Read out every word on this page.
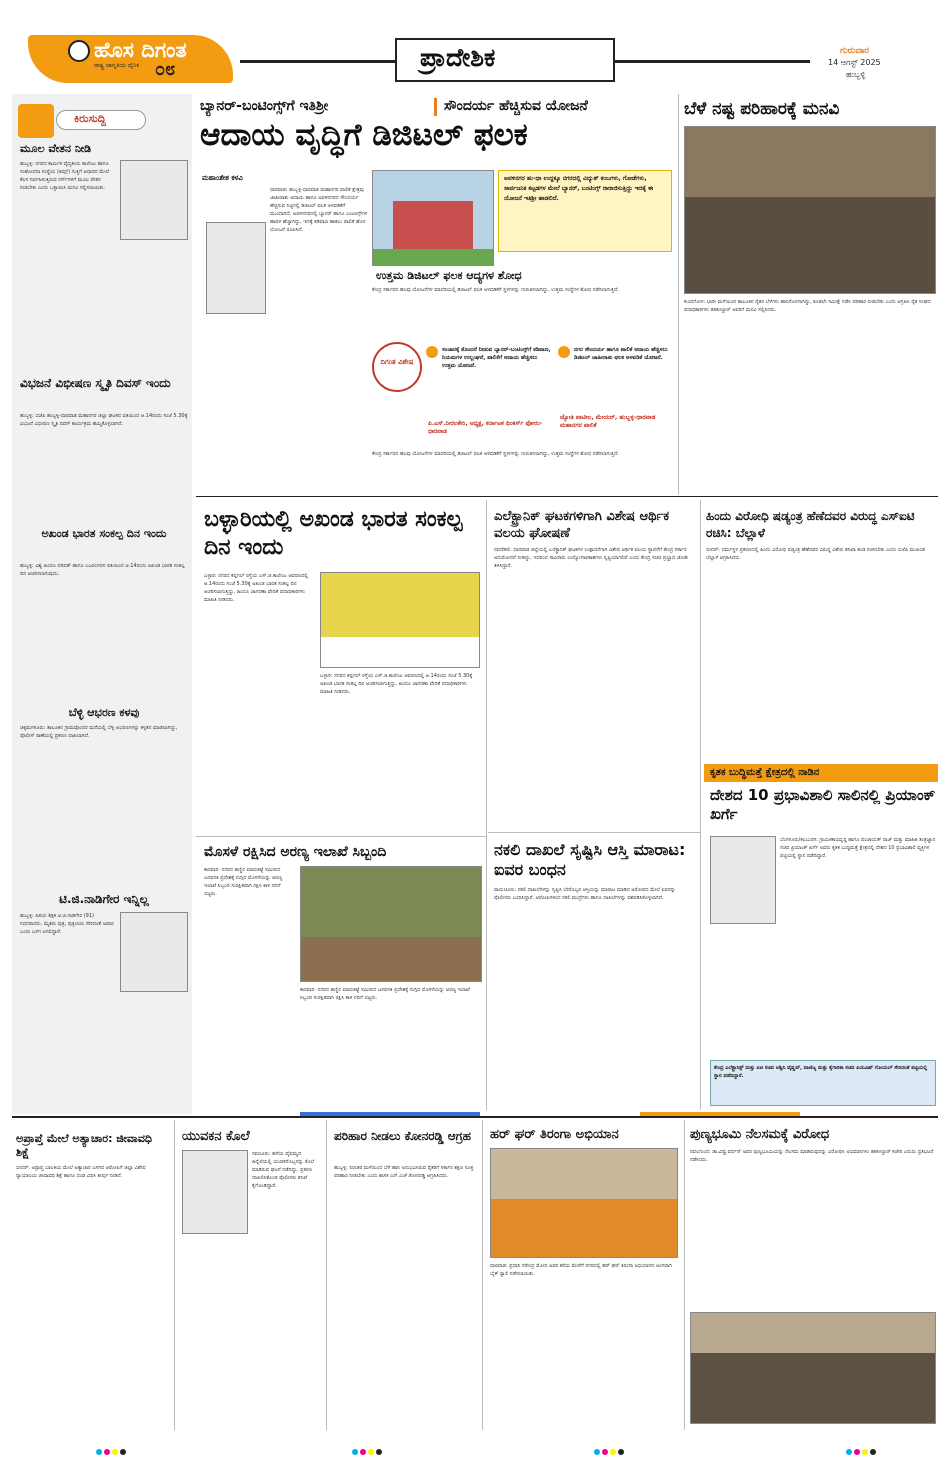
ಹೊಸ ದಿಗಂತ
ರಾಷ್ಟ್ರ ಜಾಗೃತಿಯ ದೈನಿಕ ೦೮	ಪ್ರಾದೇಶಿಕ	ಗುರುವಾರ
14 ಆಗಸ್ಟ್ 2025
ಹುಬ್ಬಳ್ಳಿ
ಕಿರುಸುದ್ದಿ
ಮೂಲ ವೇತನ ನೀಡಿ
ಹುಬ್ಬಳ್ಳಿ: ನಗರದ ಕಾರ್ಮಿಕ ವೈದ್ಯಕೀಯ ಕಾಲೇಜು ಹಾಗೂ ಸಂಶೋಧನಾ ಸಂಸ್ಥೆಯ (ಕಿಮ್ಸ್) ಗುತ್ತಿಗೆ ಆಧಾರದ ಮೇಲೆ ಕೆಲಸ ನಿರ್ವಹಿಸುತ್ತಿರುವ ನರ್ಸ್‌ಗಳಿಗೆ ಮೂಲ ವೇತನ ನೀಡಬೇಕು ಎಂದು ಒತ್ತಾಯಿಸಿ ಮನವಿ ಸಲ್ಲಿಸಲಾಯಿತು.
ವಿಭಜನೆ ವಿಭೀಷಣ ಸ್ಮೃತಿ ದಿವಸ್ ಇಂದು
ಹುಬ್ಬಳ್ಳಿ: ಬಿಜೆಪಿ ಹುಬ್ಬಳ್ಳಿ-ಧಾರವಾಡ ಮಹಾನಗರ ಜಿಲ್ಲಾ ಘಟಕದ ವತಿಯಿಂದ ಆ.14ರಂದು ಸಂಜೆ 5.30ಕ್ಕೆ ವಿಭಜನೆ ವಿಭೀಷಣ ಸ್ಮೃತಿ ದಿವಸ್ ಕಾರ್ಯಕ್ರಮ ಹಮ್ಮಿಕೊಳ್ಳಲಾಗಿದೆ.
ಅಖಂಡ ಭಾರತ ಸಂಕಲ್ಪ ದಿನ ಇಂದು
ಹುಬ್ಬಳ್ಳಿ: ವಿಶ್ವ ಹಿಂದೂ ಪರಿಷತ್ ಹಾಗೂ ಬಜರಂಗದಳ ವತಿಯಿಂದ ಆ.14ರಂದು ಅಖಂಡ ಭಾರತ ಸಂಕಲ್ಪ ದಿನ ಆಚರಿಸಲಾಗುವುದು.
ಬೆಳ್ಳಿ ಆಭರಣ ಕಳವು
ಚಿಕ್ಕಮಗಳೂರು: ತಾಲೂಕಿನ ಗ್ರಾಮವೊಂದರ ಮನೆಯಲ್ಲಿ ಬೆಳ್ಳಿ ಆಭರಣಗಳನ್ನು ಕಳ್ಳತನ ಮಾಡಲಾಗಿದ್ದು, ಪೊಲೀಸ್ ಠಾಣೆಯಲ್ಲಿ ಪ್ರಕರಣ ದಾಖಲಾಗಿದೆ.
ಟಿ.ಜಿ.ನಾಡಿಗೇರ ಇನ್ನಿಲ್ಲ
ಹುಬ್ಬಳ್ಳಿ: ಹಿರಿಯ ಶಿಕ್ಷಕ ಟಿ.ಜಿ.ನಾಡಿಗೇರ (91) ನಿಧನರಾದರು. ಮೃತರು ಪುತ್ರ, ಪುತ್ರಿಯರು ಸೇರಿದಂತೆ ಅಪಾರ ಬಂಧು ಬಳಗ ಅಗಲಿದ್ದಾರೆ.
ಬ್ಯಾನರ್-ಬಂಟಿಂಗ್ಸ್‌ಗೆ ಇತಿಶ್ರೀ	ಸೌಂದರ್ಯ ಹೆಚ್ಚಿಸುವ ಯೋಜನೆ
ಆದಾಯ ವೃದ್ಧಿಗೆ ಡಿಜಿಟಲ್ ಫಲಕ
ಮಹಾಂತೇಶ ಕಳವಿ
ಧಾರವಾಡ: ಹುಬ್ಬಳ್ಳಿ-ಧಾರವಾಡ ಮಹಾನಗರ ಪಾಲಿಕೆ ಕ್ಷೇತ್ರವು ಜಾಹೀರಾತು ಆದಾಯ ಹಾಗೂ ಅವಳಿನಗರದ ಸೌಂದರ್ಯ ಹೆಚ್ಚಿಸುವ ನಿಟ್ಟಿನಲ್ಲಿ ಡಿಜಿಟಲ್ ಫಲಕ ಅಳವಡಿಕೆಗೆ ಮುಂದಾಗಿದೆ. ಅವಳಿನಗರದಲ್ಲಿ ಬ್ಯಾನರ್ ಹಾಗೂ ಬಂಟಿಂಗ್ಸ್‌ಗಳ ಹಾವಳಿ ಹೆಚ್ಚಾಗಿದ್ದು, ಇದಕ್ಕೆ ಕಡಿವಾಣ ಹಾಕಲು ಪಾಲಿಕೆ ಹೊಸ ಯೋಜನೆ ರೂಪಿಸಿದೆ.
ಅವಳಿನಗರ ಹು-ಧಾ ಉದ್ದಕ್ಕೂ ನಗರದಲ್ಲಿ ವಿದ್ಯುತ್ ಕಂಬಗಳು, ಗೋಡೆಗಳು, ಸಾರ್ವಜನಿಕ ಕಟ್ಟಡಗಳ ಮೇಲೆ ಬ್ಯಾನರ್, ಬಂಟಿಂಗ್ಸ್ ರಾರಾಜಿಸುತ್ತಿದ್ದು ಇದಕ್ಕೆ ಈ ಯೋಜನೆ ಇತಿಶ್ರೀ ಹಾಡಲಿದೆ.
ಉತ್ತಮ ಡಿಜಿಟಲ್ ಫಲಕ ಆದ್ಯಗಳ ಶೋಧ
ಕೇಂದ್ರ ಸರ್ಕಾರದ ಹಲವು ಯೋಜನೆಗಳ ಮಾದರಿಯಲ್ಲಿ ಡಿಜಿಟಲ್ ಫಲಕ ಅಳವಡಿಕೆಗೆ ಸ್ಥಳಗಳನ್ನು ಗುರುತಿಸಲಾಗಿದ್ದು, ಉತ್ತಮ ಸಂಸ್ಥೆಗಳ ಶೋಧ ನಡೆಸಲಾಗುತ್ತಿದೆ.
ದಿಗಂತ ವಿಶೇಷ
ಸಂಚಾರಕ್ಕೆ ತೊಂದರೆ ನೀಡುವ ಬ್ಯಾನರ್-ಬಂಟಿಂಗ್ಸ್‌ಗೆ ಕಡಿವಾಣ, ನಿಯಮಗಳ ಉಲ್ಲಂಘನೆ, ಪಾಲಿಕೆಗೆ ಆದಾಯ ಹೆಚ್ಚಿಸಲು ಉತ್ತಮ ಯೋಜನೆ.
ಪಿ.ಎಸ್.ನೀರಲಕೇರಿ, ಅಧ್ಯಕ್ಷ, ಕರ್ನಾಟಕ ಥಿಂಕರ್ಸ್ ಫೋರಂ-ಧಾರವಾಡ
ನಗರ ಸೌಂದರ್ಯ ಹಾಗೂ ಪಾಲಿಕೆ ಆದಾಯ ಹೆಚ್ಚಿಸಲು ಡಿಜಿಟಲ್ ಜಾಹೀರಾತು ಫಲಕ ಅಳವಡಿಕೆ ಯೋಜನೆ.
ಜ್ಯೋತಿ ಪಾಟೀಲ, ಮೇಯರ್, ಹುಬ್ಬಳ್ಳಿ-ಧಾರವಾಡ ಮಹಾನಗರ ಪಾಲಿಕೆ
ಕೇಂದ್ರ ಸರ್ಕಾರದ ಹಲವು ಯೋಜನೆಗಳ ಮಾದರಿಯಲ್ಲಿ ಡಿಜಿಟಲ್ ಫಲಕ ಅಳವಡಿಕೆಗೆ ಸ್ಥಳಗಳನ್ನು ಗುರುತಿಸಲಾಗಿದ್ದು, ಉತ್ತಮ ಸಂಸ್ಥೆಗಳ ಶೋಧ ನಡೆಸಲಾಗುತ್ತಿದೆ.
ಬೆಳೆ ನಷ್ಟ ಪರಿಹಾರಕ್ಕೆ ಮನವಿ
ಕುಂದಗೋಳ: ಭಾರೀ ಮಳೆಯಿಂದ ತಾಲೂಕಿನ ರೈತರ ಬೆಳೆಗಳು ಹಾನಿಗೊಳಗಾಗಿದ್ದು, ಕೂಡಲೇ ಸಮೀಕ್ಷೆ ನಡೆಸಿ ಪರಿಹಾರ ನೀಡಬೇಕು ಎಂದು ಆಗ್ರಹಿಸಿ ರೈತ ಸಂಘದ ಪದಾಧಿಕಾರಿಗಳು ತಹಸೀಲ್ದಾರ್ ಅವರಿಗೆ ಮನವಿ ಸಲ್ಲಿಸಿದರು.
ಬಳ್ಳಾರಿಯಲ್ಲಿ ಅಖಂಡ ಭಾರತ ಸಂಕಲ್ಪ ದಿನ ಇಂದು
ಬಳ್ಳಾರಿ: ನಗರದ ಕಪ್ಪಗಲ್ ರಸ್ತೆಯ ಎಸ್.ಜಿ.ಕಾಲೇಜು ಆವರಣದಲ್ಲಿ ಆ.14ರಂದು ಸಂಜೆ 5.30ಕ್ಕೆ ಅಖಂಡ ಭಾರತ ಸಂಕಲ್ಪ ದಿನ ಆಚರಿಸಲಾಗುತ್ತಿದ್ದು, ಹಿಂದೂ ಜಾಗರಣಾ ವೇದಿಕೆ ಪದಾಧಿಕಾರಿಗಳು ಮಾಹಿತಿ ನೀಡಿದರು.
ಬಳ್ಳಾರಿ: ನಗರದ ಕಪ್ಪಗಲ್ ರಸ್ತೆಯ ಎಸ್.ಜಿ.ಕಾಲೇಜು ಆವರಣದಲ್ಲಿ ಆ.14ರಂದು ಸಂಜೆ 5.30ಕ್ಕೆ ಅಖಂಡ ಭಾರತ ಸಂಕಲ್ಪ ದಿನ ಆಚರಿಸಲಾಗುತ್ತಿದ್ದು, ಹಿಂದೂ ಜಾಗರಣಾ ವೇದಿಕೆ ಪದಾಧಿಕಾರಿಗಳು ಮಾಹಿತಿ ನೀಡಿದರು.
ಎಲೆಕ್ಟ್ರಾನಿಕ್ ಘಟಕಗಳಿಗಾಗಿ ವಿಶೇಷ ಆರ್ಥಿಕ ವಲಯ ಘೋಷಣೆ
ನವದೆಹಲಿ: ಧಾರವಾಡ ಜಿಲ್ಲೆಯಲ್ಲಿ ಎಲೆಕ್ಟ್ರಾನಿಕ್ ಘಟಕಗಳ ಉತ್ಪಾದನೆಗಾಗಿ ವಿಶೇಷ ಆರ್ಥಿಕ ವಲಯ ಸ್ಥಾಪನೆಗೆ ಕೇಂದ್ರ ಸರ್ಕಾರ ಅನುಮೋದನೆ ನೀಡಿದ್ದು, ಇದರಿಂದ ಸಾವಿರಾರು ಉದ್ಯೋಗಾವಕಾಶಗಳು ಸೃಷ್ಟಿಯಾಗಲಿವೆ ಎಂದು ಕೇಂದ್ರ ಸಚಿವ ಪ್ರಲ್ಹಾದ ಜೋಶಿ ತಿಳಿಸಿದ್ದಾರೆ.
ಹಿಂದು ವಿರೋಧಿ ಷಡ್ಯಂತ್ರ ಹೆಣೆದವರ ವಿರುದ್ಧ ಎಸ್‌ಐಟಿ ರಚಿಸಿ: ಬೆಲ್ಲಾಳೆ
ಬೀದರ್: ಧರ್ಮಸ್ಥಳ ಪ್ರಕರಣದಲ್ಲಿ ಹಿಂದು ವಿರೋಧಿ ಷಡ್ಯಂತ್ರ ಹೆಣೆದವರ ವಿರುದ್ಧ ವಿಶೇಷ ತನಿಖಾ ತಂಡ ರಚಿಸಬೇಕು ಎಂದು ಬಿಜೆಪಿ ಮುಖಂಡ ಬೆಲ್ಲಾಳೆ ಆಗ್ರಹಿಸಿದರು.
ಕೃತಕ ಬುದ್ಧಿಮತ್ತೆ ಕ್ಷೇತ್ರದಲ್ಲಿ ನಾಡಿನ
ದೇಶದ 10 ಪ್ರಭಾವಿಶಾಲಿ ಸಾಲಿನಲ್ಲಿ ಪ್ರಿಯಾಂಕ್ ಖರ್ಗೆ
ಬೆಂಗಳೂರು/ಕಲಬುರಗಿ: ಗ್ರಾಮೀಣಾಭಿವೃದ್ಧಿ ಹಾಗೂ ಪಂಚಾಯತ್ ರಾಜ್ ಮತ್ತು ಮಾಹಿತಿ ತಂತ್ರಜ್ಞಾನ ಸಚಿವ ಪ್ರಿಯಾಂಕ್ ಖರ್ಗೆ ಅವರು ಕೃತಕ ಬುದ್ಧಿಮತ್ತೆ ಕ್ಷೇತ್ರದಲ್ಲಿ ದೇಶದ 10 ಪ್ರಭಾವಿಶಾಲಿ ವ್ಯಕ್ತಿಗಳ ಪಟ್ಟಿಯಲ್ಲಿ ಸ್ಥಾನ ಪಡೆದಿದ್ದಾರೆ.
ಕೇಂದ್ರ ಎಲೆಕ್ಟ್ರಾನಿಕ್ಸ್ ಮತ್ತು ಐಟಿ ಸಚಿವ ಅಶ್ವಿನಿ ವೈಷ್ಣವ್, ವಾಣಿಜ್ಯ ಮತ್ತು ಕೈಗಾರಿಕಾ ಸಚಿವ ಪಿಯೂಷ್ ಗೋಯಲ್ ಸೇರಿದಂತೆ ಪಟ್ಟಿಯಲ್ಲಿ ಸ್ಥಾನ ಪಡೆದಿದ್ದಾರೆ.
ಮೊಸಳೆ ರಕ್ಷಿಸಿದ ಅರಣ್ಯ ಇಲಾಖೆ ಸಿಬ್ಬಂದಿ
ಕಾರವಾರ: ನಗರದ ಹಣ್ಣಿನ ಮಾರುಕಟ್ಟೆ ಸಮೀಪದ ಜನವಸತಿ ಪ್ರದೇಶಕ್ಕೆ ನುಗ್ಗಿದ ಮೊಸಳೆಯನ್ನು ಅರಣ್ಯ ಇಲಾಖೆ ಸಿಬ್ಬಂದಿ ಸುರಕ್ಷಿತವಾಗಿ ರಕ್ಷಿಸಿ ಕಾಳಿ ನದಿಗೆ ಬಿಟ್ಟರು.
ಕಾರವಾರ: ನಗರದ ಹಣ್ಣಿನ ಮಾರುಕಟ್ಟೆ ಸಮೀಪದ ಜನವಸತಿ ಪ್ರದೇಶಕ್ಕೆ ನುಗ್ಗಿದ ಮೊಸಳೆಯನ್ನು ಅರಣ್ಯ ಇಲಾಖೆ ಸಿಬ್ಬಂದಿ ಸುರಕ್ಷಿತವಾಗಿ ರಕ್ಷಿಸಿ ಕಾಳಿ ನದಿಗೆ ಬಿಟ್ಟರು.
ನಕಲಿ ದಾಖಲೆ ಸೃಷ್ಟಿಸಿ ಆಸ್ತಿ ಮಾರಾಟ: ಐವರ ಬಂಧನ
ರಾಯಚೂರು: ನಕಲಿ ದಾಖಲೆಗಳನ್ನು ಸೃಷ್ಟಿಸಿ ಬೇರೊಬ್ಬರ ಆಸ್ತಿಯನ್ನು ಮಾರಾಟ ಮಾಡಿದ ಆರೋಪದ ಮೇಲೆ ಐವರನ್ನು ಪೊಲೀಸರು ಬಂಧಿಸಿದ್ದಾರೆ. ಆರೋಪಿಗಳಿಂದ ನಕಲಿ ಮುದ್ರೆಗಳು ಹಾಗೂ ದಾಖಲೆಗಳನ್ನು ವಶಪಡಿಸಿಕೊಳ್ಳಲಾಗಿದೆ.
ಅಪ್ರಾಪ್ತೆ ಮೇಲೆ ಅತ್ಯಾಚಾರ: ಜೀವಾವಧಿ ಶಿಕ್ಷೆ
ಬೀದರ್: ಅಪ್ರಾಪ್ತ ಬಾಲಕಿಯ ಮೇಲೆ ಅತ್ಯಾಚಾರ ಎಸಗಿದ ಆರೋಪಿಗೆ ಜಿಲ್ಲಾ ವಿಶೇಷ ನ್ಯಾಯಾಲಯ ಜೀವಾವಧಿ ಶಿಕ್ಷೆ ಹಾಗೂ ದಂಡ ವಿಧಿಸಿ ತೀರ್ಪು ನೀಡಿದೆ.
ಯುವಕನ ಕೊಲೆ
ಸವಣೂರು: ಹಳೆಯ ವೈಷಮ್ಯದ ಹಿನ್ನೆಲೆಯಲ್ಲಿ ಯುವಕನೊಬ್ಬನನ್ನು ಕೊಲೆ ಮಾಡಿರುವ ಘಟನೆ ನಡೆದಿದ್ದು, ಪ್ರಕರಣ ದಾಖಲಿಸಿಕೊಂಡ ಪೊಲೀಸರು ತನಿಖೆ ಕೈಗೊಂಡಿದ್ದಾರೆ.
ಪರಿಹಾರ ನೀಡಲು ಕೋನರಡ್ಡಿ ಆಗ್ರಹ
ಹುಬ್ಬಳ್ಳಿ: ನಿರಂತರ ಮಳೆಯಿಂದ ಬೆಳೆ ಹಾನಿ ಅನುಭವಿಸಿರುವ ರೈತರಿಗೆ ಸರ್ಕಾರ ತಕ್ಷಣ ಸೂಕ್ತ ಪರಿಹಾರ ನೀಡಬೇಕು ಎಂದು ಶಾಸಕ ಎನ್.ಎಚ್.ಕೋನರಡ್ಡಿ ಆಗ್ರಹಿಸಿದರು.
ಹರ್ ಘರ್ ತಿರಂಗಾ ಅಭಿಯಾನ
ಧಾರವಾಡ: ಪ್ರಧಾನಿ ನರೇಂದ್ರ ಮೋದಿ ಅವರ ಕರೆಯ ಮೇರೆಗೆ ನಗರದಲ್ಲಿ ಹರ್ ಘರ್ ತಿರಂಗಾ ಅಭಿಯಾನದ ಅಂಗವಾಗಿ ಬೈಕ್ ರ‍್ಯಾಲಿ ನಡೆಸಲಾಯಿತು.
ಪುಣ್ಯಭೂಮಿ ನೆಲಸಮಕ್ಕೆ ವಿರೋಧ
ನವಲಗುಂದ: ಡಾ.ವಿಷ್ಣುವರ್ಧನ್ ಅವರ ಪುಣ್ಯಭೂಮಿಯನ್ನು ನೆಲಸಮ ಮಾಡಿರುವುದನ್ನು ವಿರೋಧಿಸಿ ಅಭಿಮಾನಿಗಳು ತಹಸೀಲ್ದಾರ್ ಕಚೇರಿ ಎದುರು ಪ್ರತಿಭಟನೆ ನಡೆಸಿದರು.
